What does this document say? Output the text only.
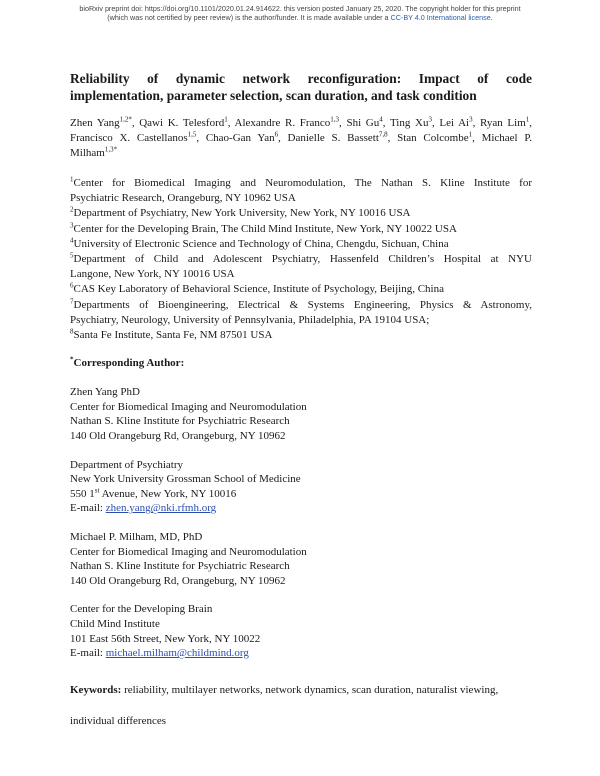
bioRxiv preprint doi: https://doi.org/10.1101/2020.01.24.914622. this version posted January 25, 2020. The copyright holder for this preprint
(which was not certified by peer review) is the author/funder. It is made available under a CC-BY 4.0 International license.
Reliability of dynamic network reconfiguration: Impact of code
implementation, parameter selection, scan duration, and task condition
Zhen Yang$^{1,2*}$, Qawi K. Telesford$^1$, Alexandre R. Franco$^{1,3}$, Shi Gu$^4$, Ting Xu$^3$, Lei Ai$^3$, Ryan Lim$^1$, Francisco X. Castellanos$^{1,5}$, Chao-Gan Yan$^6$, Danielle S. Bassett$^{7,8}$, Stan Colcombe$^1$, Michael P. Milham$^{1,3*}$
$^1$Center for Biomedical Imaging and Neuromodulation, The Nathan S. Kline Institute for
Psychiatric Research, Orangeburg, NY 10962 USA
$^2$Department of Psychiatry, New York University, New York, NY 10016 USA
$^3$Center for the Developing Brain, The Child Mind Institute, New York, NY 10022 USA
$^4$University of Electronic Science and Technology of China, Chengdu, Sichuan, China
$^5$Department of Child and Adolescent Psychiatry, Hassenfeld Children’s Hospital at NYU
Langone, New York, NY 10016 USA
$^6$CAS Key Laboratory of Behavioral Science, Institute of Psychology, Beijing, China
$^7$Departments of Bioengineering, Electrical & Systems Engineering, Physics & Astronomy,
Psychiatry, Neurology, University of Pennsylvania, Philadelphia, PA 19104 USA;
$^8$Santa Fe Institute, Santa Fe, NM 87501 USA
*Corresponding Author:
Zhen Yang PhD
Center for Biomedical Imaging and Neuromodulation
Nathan S. Kline Institute for Psychiatric Research
140 Old Orangeburg Rd, Orangeburg, NY 10962
Department of Psychiatry
New York University Grossman School of Medicine
550 1st Avenue, New York, NY 10016
E-mail: zhen.yang@nki.rfmh.org
Michael P. Milham, MD, PhD
Center for Biomedical Imaging and Neuromodulation
Nathan S. Kline Institute for Psychiatric Research
140 Old Orangeburg Rd, Orangeburg, NY 10962
Center for the Developing Brain
Child Mind Institute
101 East 56th Street, New York, NY 10022
E-mail: michael.milham@childmind.org
Keywords: reliability, multilayer networks, network dynamics, scan duration, naturalist viewing,
individual differences
